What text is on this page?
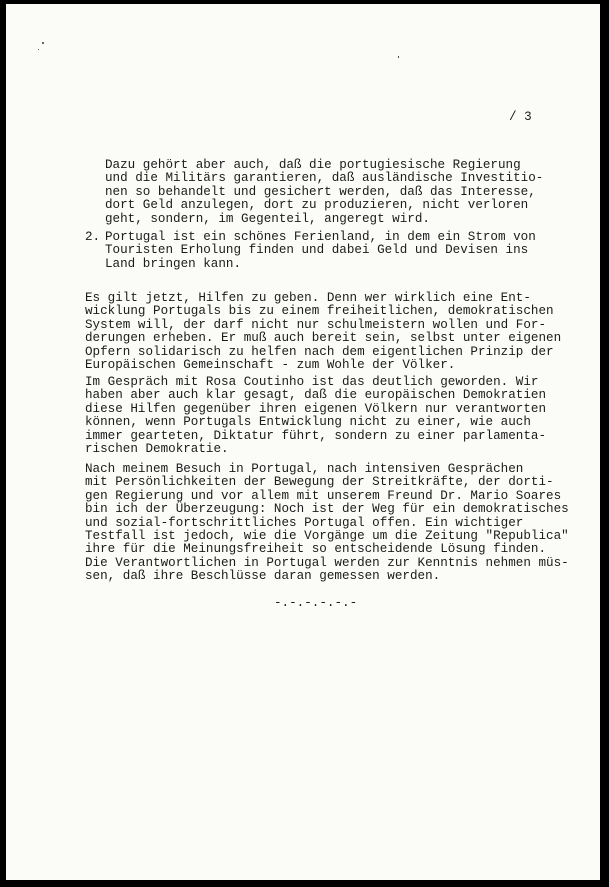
/ 3

Dazu gehört aber auch, daß die portugiesische Regierung
und die Militärs garantieren, daß ausländische Investitio-
nen so behandelt und gesichert werden, daß das Interesse,
dort Geld anzulegen, dort zu produzieren, nicht verloren
geht, sondern, im Gegenteil, angeregt wird.

2. Portugal ist ein schönes Ferienland, in dem ein Strom von
Touristen Erholung finden und dabei Geld und Devisen ins
Land bringen kann.

Es gilt jetzt, Hilfen zu geben. Denn wer wirklich eine Ent-
wicklung Portugals bis zu einem freiheitlichen, demokratischen
System will, der darf nicht nur schulmeistern wollen und For-
derungen erheben. Er muß auch bereit sein, selbst unter eigenen
Opfern solidarisch zu helfen nach dem eigentlichen Prinzip der
Europäischen Gemeinschaft - zum Wohle der Völker.

Im Gespräch mit Rosa Coutinho ist das deutlich geworden. Wir
haben aber auch klar gesagt, daß die europäischen Demokratien
diese Hilfen gegenüber ihren eigenen Völkern nur verantworten
können, wenn Portugals Entwicklung nicht zu einer, wie auch
immer gearteten, Diktatur führt, sondern zu einer parlamenta-
rischen Demokratie.

Nach meinem Besuch in Portugal, nach intensiven Gesprächen
mit Persönlichkeiten der Bewegung der Streitkräfte, der dorti-
gen Regierung und vor allem mit unserem Freund Dr. Mario Soares
bin ich der Überzeugung: Noch ist der Weg für ein demokratisches
und sozial-fortschrittliches Portugal offen. Ein wichtiger
Testfall ist jedoch, wie die Vorgänge um die Zeitung "Republica"
ihre für die Meinungsfreiheit so entscheidende Lösung finden.
Die Verantwortlichen in Portugal werden zur Kenntnis nehmen müs-
sen, daß ihre Beschlüsse daran gemessen werden.

-.-.-.-.-.-
